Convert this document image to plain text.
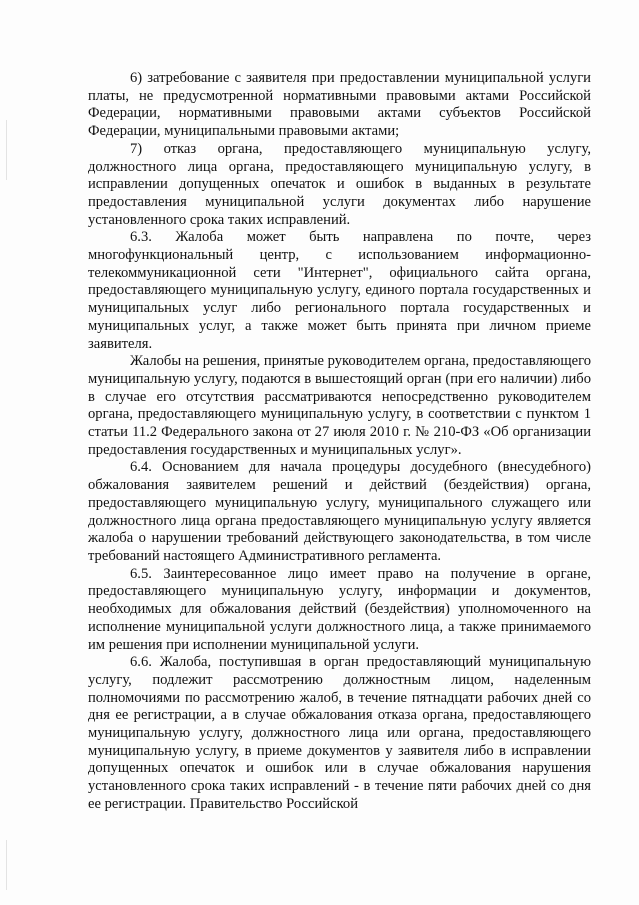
6) затребование с заявителя при предоставлении муниципальной услуги платы, не предусмотренной нормативными правовыми актами Российской Федерации, нормативными правовыми актами субъектов Российской Федерации, муниципальными правовыми актами;

7) отказ органа, предоставляющего муниципальную услугу, должностного лица органа, предоставляющего муниципальную услугу, в исправлении допущенных опечаток и ошибок в выданных в результате предоставления муниципальной услуги документах либо нарушение установленного срока таких исправлений.

6.3. Жалоба может быть направлена по почте, через многофункциональный центр, с использованием информационно-телекоммуникационной сети "Интернет", официального сайта органа, предоставляющего муниципальную услугу, единого портала государственных и муниципальных услуг либо регионального портала государственных и муниципальных услуг, а также может быть принята при личном приеме заявителя.

Жалобы на решения, принятые руководителем органа, предоставляющего муниципальную услугу, подаются в вышестоящий орган (при его наличии) либо в случае его отсутствия рассматриваются непосредственно руководителем органа, предоставляющего муниципальную услугу, в соответствии с пунктом 1 статьи 11.2 Федерального закона от 27 июля 2010 г. № 210-ФЗ «Об организации предоставления государственных и муниципальных услуг».

6.4. Основанием для начала процедуры досудебного (внесудебного) обжалования заявителем решений и действий (бездействия) органа, предоставляющего муниципальную услугу, муниципального служащего или должностного лица органа предоставляющего муниципальную услугу является жалоба о нарушении требований действующего законодательства, в том числе требований настоящего Административного регламента.

6.5. Заинтересованное лицо имеет право на получение в органе, предоставляющего муниципальную услугу, информации и документов, необходимых для обжалования действий (бездействия) уполномоченного на исполнение муниципальной услуги должностного лица, а также принимаемого им решения при исполнении муниципальной услуги.

6.6. Жалоба, поступившая в орган предоставляющий муниципальную услугу, подлежит рассмотрению должностным лицом, наделенным полномочиями по рассмотрению жалоб, в течение пятнадцати рабочих дней со дня ее регистрации, а в случае обжалования отказа органа, предоставляющего муниципальную услугу, должностного лица или органа, предоставляющего муниципальную услугу, в приеме документов у заявителя либо в исправлении допущенных опечаток и ошибок или в случае обжалования нарушения установленного срока таких исправлений - в течение пяти рабочих дней со дня ее регистрации. Правительство Российской
